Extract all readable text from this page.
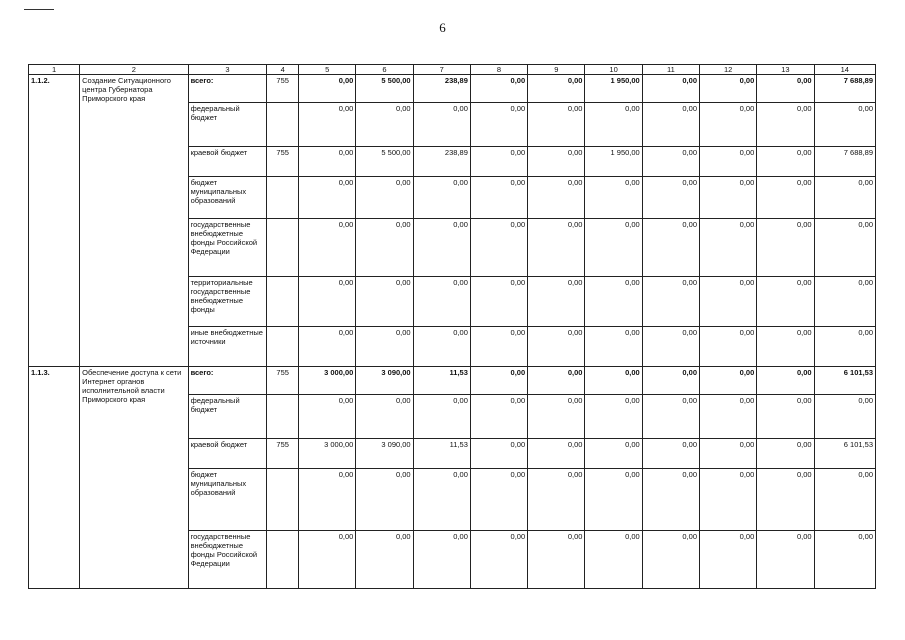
6
1	2	3	4	5	6	7	8	9	10	11	12	13	14
1.1.2.	Создание Ситуационного центра Губернатора Приморского края	всего:	755	0,00	5 500,00	238,89	0,00	0,00	1 950,00	0,00	0,00	0,00	7 688,89
		федеральный бюджет		0,00	0,00	0,00	0,00	0,00	0,00	0,00	0,00	0,00	0,00
		краевой бюджет	755	0,00	5 500,00	238,89	0,00	0,00	1 950,00	0,00	0,00	0,00	7 688,89
		бюджет муниципальных образований		0,00	0,00	0,00	0,00	0,00	0,00	0,00	0,00	0,00	0,00
		государственные внебюджетные фонды Российской Федерации		0,00	0,00	0,00	0,00	0,00	0,00	0,00	0,00	0,00	0,00
		территориальные государственные внебюджетные фонды		0,00	0,00	0,00	0,00	0,00	0,00	0,00	0,00	0,00	0,00
		иные внебюджетные источники		0,00	0,00	0,00	0,00	0,00	0,00	0,00	0,00	0,00	0,00
1.1.3.	Обеспечение доступа к сети Интернет органов исполнительной власти Приморского края	всего:	755	3 000,00	3 090,00	11,53	0,00	0,00	0,00	0,00	0,00	0,00	6 101,53
		федеральный бюджет		0,00	0,00	0,00	0,00	0,00	0,00	0,00	0,00	0,00	0,00
		краевой бюджет	755	3 000,00	3 090,00	11,53	0,00	0,00	0,00	0,00	0,00	0,00	6 101,53
		бюджет муниципальных образований		0,00	0,00	0,00	0,00	0,00	0,00	0,00	0,00	0,00	0,00
		государственные внебюджетные фонды Российской Федерации		0,00	0,00	0,00	0,00	0,00	0,00	0,00	0,00	0,00	0,00
